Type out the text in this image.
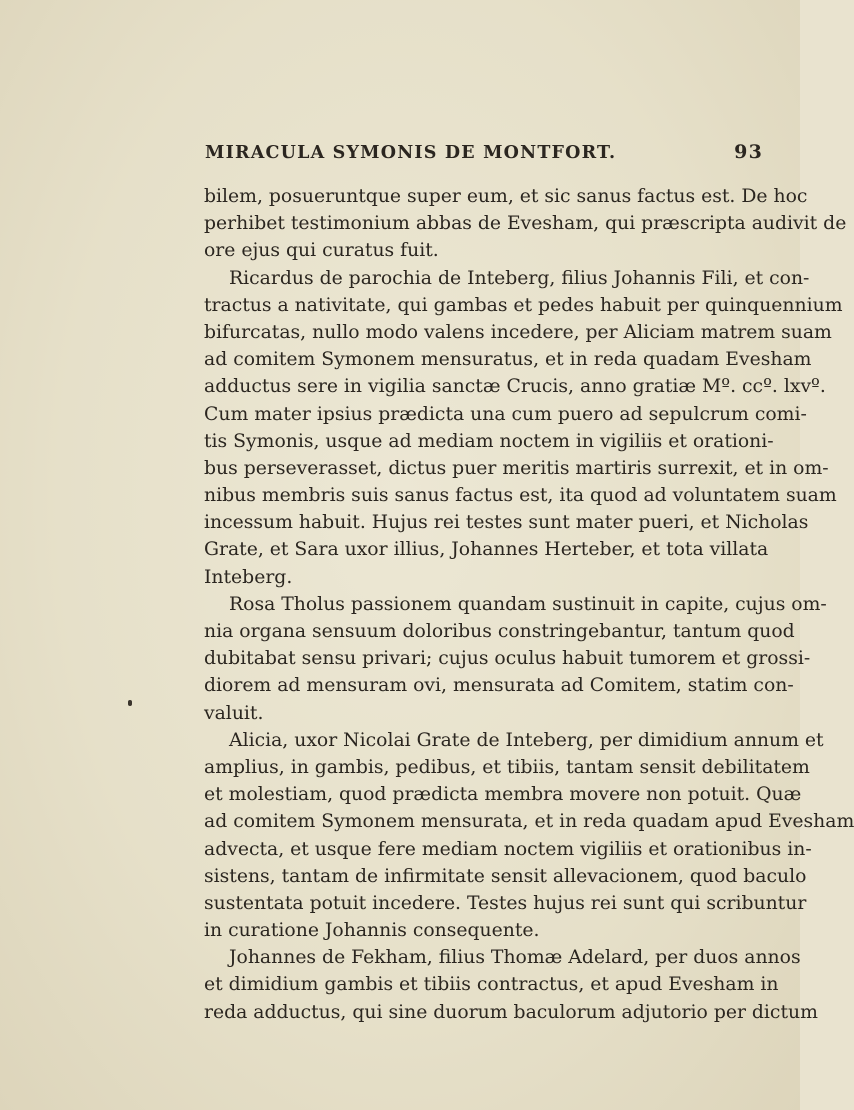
MIRACULA SYMONIS DE MONTFORT.	93
bilem, posueruntque super eum, et sic sanus factus est. De hoc
perhibet testimonium abbas de Evesham, qui præscripta audivit de
ore ejus qui curatus fuit.
Ricardus de parochia de Inteberg, filius Johannis Fili, et con-
tractus a nativitate, qui gambas et pedes habuit per quinquennium
bifurcatas, nullo modo valens incedere, per Aliciam matrem suam
ad comitem Symonem mensuratus, et in reda quadam Evesham
adductus sere in vigilia sanctæ Crucis, anno gratiæ Mº. ccº. lxvº.
Cum mater ipsius prædicta una cum puero ad sepulcrum comi-
tis Symonis, usque ad mediam noctem in vigiliis et orationi-
bus perseverasset, dictus puer meritis martiris surrexit, et in om-
nibus membris suis sanus factus est, ita quod ad voluntatem suam
incessum habuit. Hujus rei testes sunt mater pueri, et Nicholas
Grate, et Sara uxor illius, Johannes Herteber, et tota villata
Inteberg.
Rosa Tholus passionem quandam sustinuit in capite, cujus om-
nia organa sensuum doloribus constringebantur, tantum quod
dubitabat sensu privari; cujus oculus habuit tumorem et grossi-
diorem ad mensuram ovi, mensurata ad Comitem, statim con-
valuit.
Alicia, uxor Nicolai Grate de Inteberg, per dimidium annum et
amplius, in gambis, pedibus, et tibiis, tantam sensit debilitatem
et molestiam, quod prædicta membra movere non potuit. Quæ
ad comitem Symonem mensurata, et in reda quadam apud Evesham
advecta, et usque fere mediam noctem vigiliis et orationibus in-
sistens, tantam de infirmitate sensit allevacionem, quod baculo
sustentata potuit incedere. Testes hujus rei sunt qui scribuntur
in curatione Johannis consequente.
Johannes de Fekham, filius Thomæ Adelard, per duos annos
et dimidium gambis et tibiis contractus, et apud Evesham in
reda adductus, qui sine duorum baculorum adjutorio per dictum
